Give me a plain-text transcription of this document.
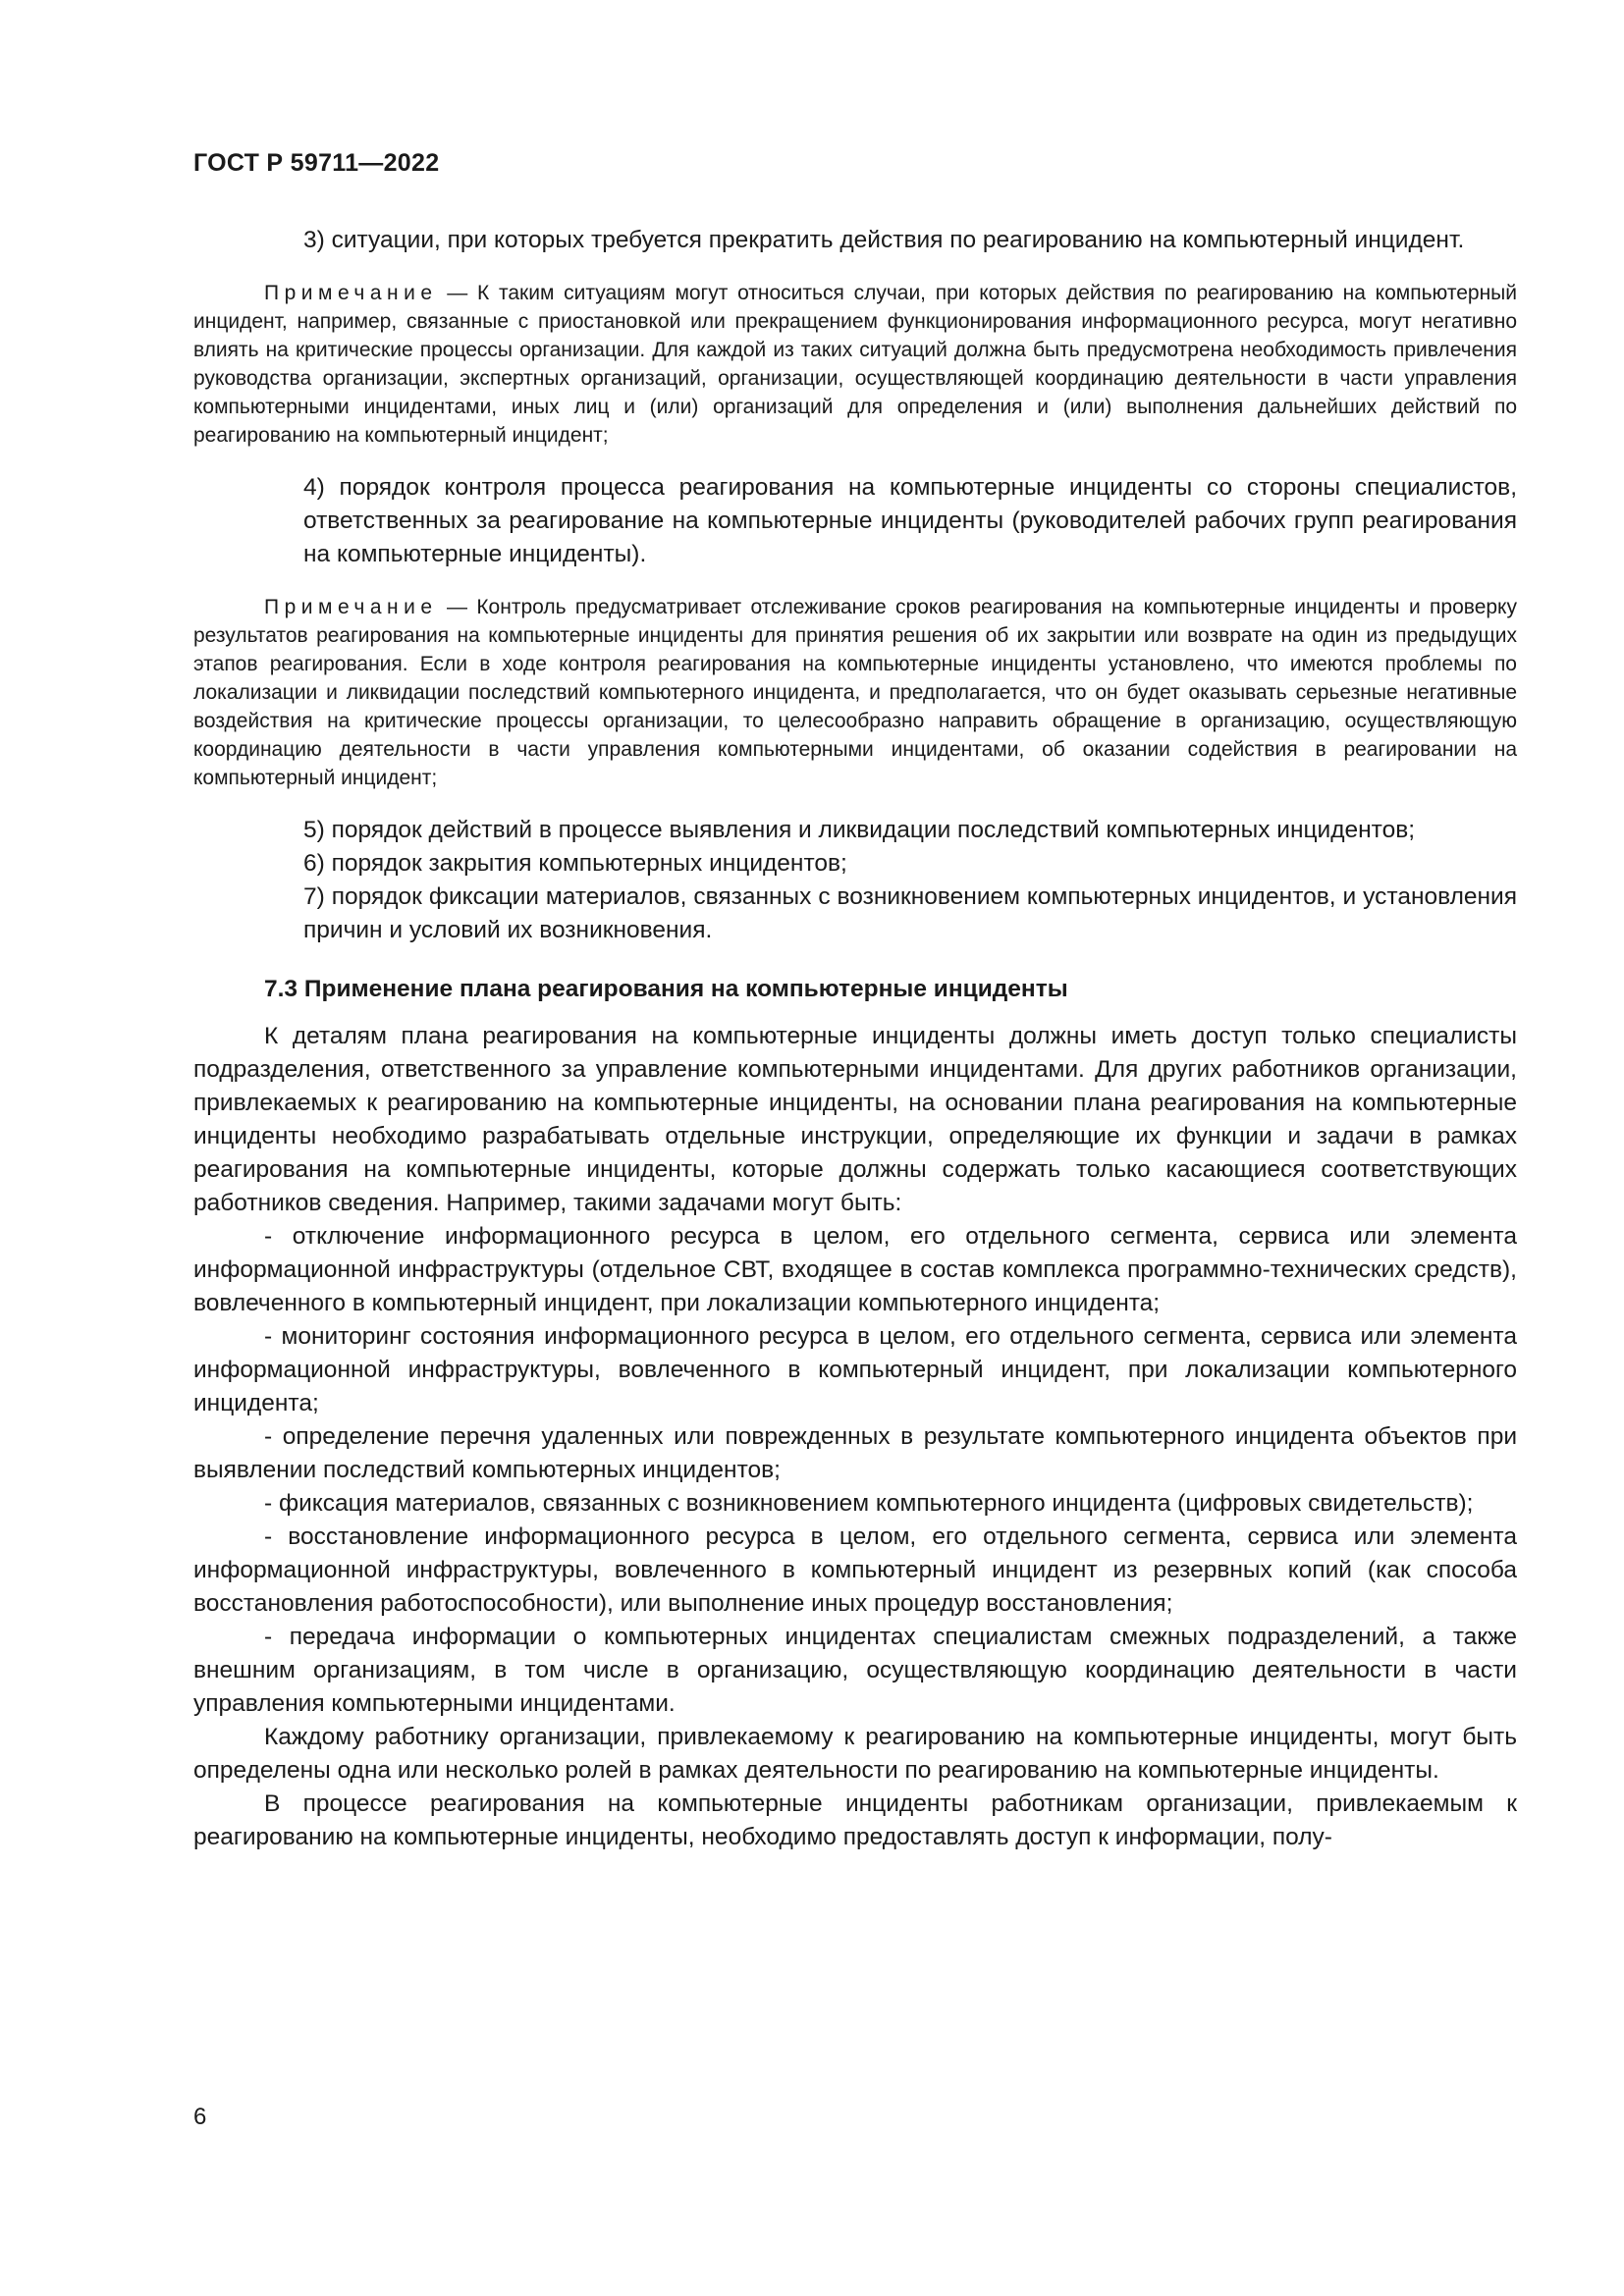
ГОСТ Р 59711—2022

3) ситуации, при которых требуется прекратить действия по реагированию на компьютерный инцидент.

Примечание — К таким ситуациям могут относиться случаи, при которых действия по реагированию на компьютерный инцидент, например, связанные с приостановкой или прекращением функционирования информационного ресурса, могут негативно влиять на критические процессы организации. Для каждой из таких ситуаций должна быть предусмотрена необходимость привлечения руководства организации, экспертных организаций, организации, осуществляющей координацию деятельности в части управления компьютерными инцидентами, иных лиц и (или) организаций для определения и (или) выполнения дальнейших действий по реагированию на компьютерный инцидент;

4) порядок контроля процесса реагирования на компьютерные инциденты со стороны специалистов, ответственных за реагирование на компьютерные инциденты (руководителей рабочих групп реагирования на компьютерные инциденты).

Примечание — Контроль предусматривает отслеживание сроков реагирования на компьютерные инциденты и проверку результатов реагирования на компьютерные инциденты для принятия решения об их закрытии или возврате на один из предыдущих этапов реагирования. Если в ходе контроля реагирования на компьютерные инциденты установлено, что имеются проблемы по локализации и ликвидации последствий компьютерного инцидента, и предполагается, что он будет оказывать серьезные негативные воздействия на критические процессы организации, то целесообразно направить обращение в организацию, осуществляющую координацию деятельности в части управления компьютерными инцидентами, об оказании содействия в реагировании на компьютерный инцидент;

5) порядок действий в процессе выявления и ликвидации последствий компьютерных инцидентов;

6) порядок закрытия компьютерных инцидентов;

7) порядок фиксации материалов, связанных с возникновением компьютерных инцидентов, и установления причин и условий их возникновения.

7.3 Применение плана реагирования на компьютерные инциденты

К деталям плана реагирования на компьютерные инциденты должны иметь доступ только специалисты подразделения, ответственного за управление компьютерными инцидентами. Для других работников организации, привлекаемых к реагированию на компьютерные инциденты, на основании плана реагирования на компьютерные инциденты необходимо разрабатывать отдельные инструкции, определяющие их функции и задачи в рамках реагирования на компьютерные инциденты, которые должны содержать только касающиеся соответствующих работников сведения. Например, такими задачами могут быть:

- отключение информационного ресурса в целом, его отдельного сегмента, сервиса или элемента информационной инфраструктуры (отдельное СВТ, входящее в состав комплекса программно-технических средств), вовлеченного в компьютерный инцидент, при локализации компьютерного инцидента;

- мониторинг состояния информационного ресурса в целом, его отдельного сегмента, сервиса или элемента информационной инфраструктуры, вовлеченного в компьютерный инцидент, при локализации компьютерного инцидента;

- определение перечня удаленных или поврежденных в результате компьютерного инцидента объектов при выявлении последствий компьютерных инцидентов;

- фиксация материалов, связанных с возникновением компьютерного инцидента (цифровых свидетельств);

- восстановление информационного ресурса в целом, его отдельного сегмента, сервиса или элемента информационной инфраструктуры, вовлеченного в компьютерный инцидент из резервных копий (как способа восстановления работоспособности), или выполнение иных процедур восстановления;

- передача информации о компьютерных инцидентах специалистам смежных подразделений, а также внешним организациям, в том числе в организацию, осуществляющую координацию деятельности в части управления компьютерными инцидентами.

Каждому работнику организации, привлекаемому к реагированию на компьютерные инциденты, могут быть определены одна или несколько ролей в рамках деятельности по реагированию на компьютерные инциденты.

В процессе реагирования на компьютерные инциденты работникам организации, привлекаемым к реагированию на компьютерные инциденты, необходимо предоставлять доступ к информации, полу-

6
